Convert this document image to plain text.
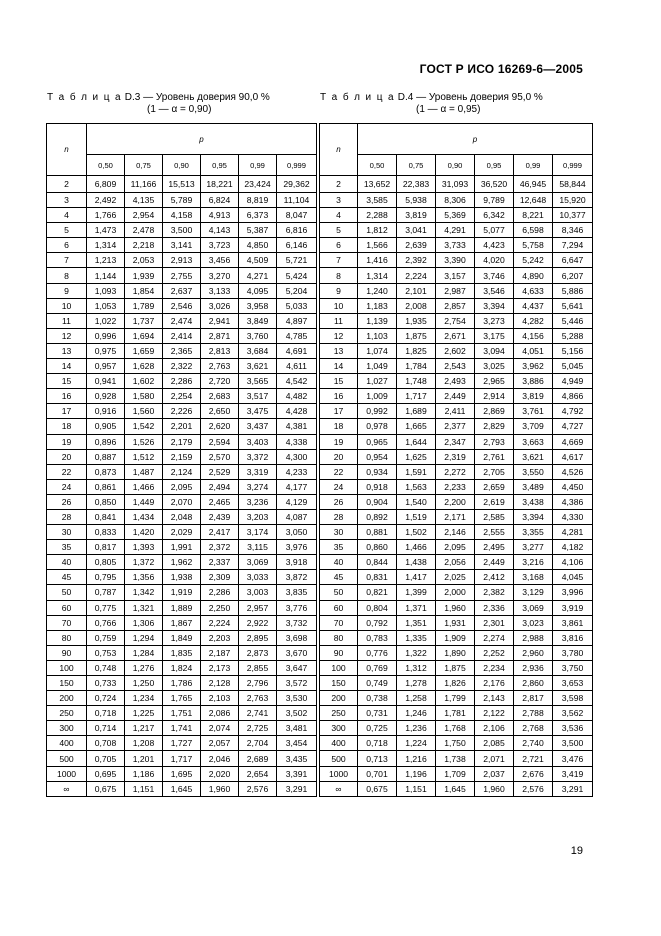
ГОСТ Р ИСО 16269-6—2005
Т а б л и ц а D.3 — Уровень доверия 90,0 %
(1 — α = 0,90)
Т а б л и ц а D.4 — Уровень доверия 95,0 %
(1 — α = 0,95)
n	p					
	0,50	0,75	0,90	0,95	0,99	0,999
2	6,809	11,166	15,513	18,221	23,424	29,362
3	2,492	4,135	5,789	6,824	8,819	11,104
4	1,766	2,954	4,158	4,913	6,373	8,047
5	1,473	2,478	3,500	4,143	5,387	6,816
6	1,314	2,218	3,141	3,723	4,850	6,146
7	1,213	2,053	2,913	3,456	4,509	5,721
8	1,144	1,939	2,755	3,270	4,271	5,424
9	1,093	1,854	2,637	3,133	4,095	5,204
10	1,053	1,789	2,546	3,026	3,958	5,033
11	1,022	1,737	2,474	2,941	3,849	4,897
12	0,996	1,694	2,414	2,871	3,760	4,785
13	0,975	1,659	2,365	2,813	3,684	4,691
14	0,957	1,628	2,322	2,763	3,621	4,611
15	0,941	1,602	2,286	2,720	3,565	4,542
16	0,928	1,580	2,254	2,683	3,517	4,482
17	0,916	1,560	2,226	2,650	3,475	4,428
18	0,905	1,542	2,201	2,620	3,437	4,381
19	0,896	1,526	2,179	2,594	3,403	4,338
20	0,887	1,512	2,159	2,570	3,372	4,300
22	0,873	1,487	2,124	2,529	3,319	4,233
24	0,861	1,466	2,095	2,494	3,274	4,177
26	0,850	1,449	2,070	2,465	3,236	4,129
28	0,841	1,434	2,048	2,439	3,203	4,087
30	0,833	1,420	2,029	2,417	3,174	3,050
35	0,817	1,393	1,991	2,372	3,115	3,976
40	0,805	1,372	1,962	2,337	3,069	3,918
45	0,795	1,356	1,938	2,309	3,033	3,872
50	0,787	1,342	1,919	2,286	3,003	3,835
60	0,775	1,321	1,889	2,250	2,957	3,776
70	0,766	1,306	1,867	2,224	2,922	3,732
80	0,759	1,294	1,849	2,203	2,895	3,698
90	0,753	1,284	1,835	2,187	2,873	3,670
100	0,748	1,276	1,824	2,173	2,855	3,647
150	0,733	1,250	1,786	2,128	2,796	3,572
200	0,724	1,234	1,765	2,103	2,763	3,530
250	0,718	1,225	1,751	2,086	2,741	3,502
300	0,714	1,217	1,741	2,074	2,725	3,481
400	0,708	1,208	1,727	2,057	2,704	3,454
500	0,705	1,201	1,717	2,046	2,689	3,435
1000	0,695	1,186	1,695	2,020	2,654	3,391
∞	0,675	1,151	1,645	1,960	2,576	3,291
n	p					
	0,50	0,75	0,90	0,95	0,99	0,999
2	13,652	22,383	31,093	36,520	46,945	58,844
3	3,585	5,938	8,306	9,789	12,648	15,920
4	2,288	3,819	5,369	6,342	8,221	10,377
5	1,812	3,041	4,291	5,077	6,598	8,346
6	1,566	2,639	3,733	4,423	5,758	7,294
7	1,416	2,392	3,390	4,020	5,242	6,647
8	1,314	2,224	3,157	3,746	4,890	6,207
9	1,240	2,101	2,987	3,546	4,633	5,886
10	1,183	2,008	2,857	3,394	4,437	5,641
11	1,139	1,935	2,754	3,273	4,282	5,446
12	1,103	1,875	2,671	3,175	4,156	5,288
13	1,074	1,825	2,602	3,094	4,051	5,156
14	1,049	1,784	2,543	3,025	3,962	5,045
15	1,027	1,748	2,493	2,965	3,886	4,949
16	1,009	1,717	2,449	2,914	3,819	4,866
17	0,992	1,689	2,411	2,869	3,761	4,792
18	0,978	1,665	2,377	2,829	3,709	4,727
19	0,965	1,644	2,347	2,793	3,663	4,669
20	0,954	1,625	2,319	2,761	3,621	4,617
22	0,934	1,591	2,272	2,705	3,550	4,526
24	0,918	1,563	2,233	2,659	3,489	4,450
26	0,904	1,540	2,200	2,619	3,438	4,386
28	0,892	1,519	2,171	2,585	3,394	4,330
30	0,881	1,502	2,146	2,555	3,355	4,281
35	0,860	1,466	2,095	2,495	3,277	4,182
40	0,844	1,438	2,056	2,449	3,216	4,106
45	0,831	1,417	2,025	2,412	3,168	4,045
50	0,821	1,399	2,000	2,382	3,129	3,996
60	0,804	1,371	1,960	2,336	3,069	3,919
70	0,792	1,351	1,931	2,301	3,023	3,861
80	0,783	1,335	1,909	2,274	2,988	3,816
90	0,776	1,322	1,890	2,252	2,960	3,780
100	0,769	1,312	1,875	2,234	2,936	3,750
150	0,749	1,278	1,826	2,176	2,860	3,653
200	0,738	1,258	1,799	2,143	2,817	3,598
250	0,731	1,246	1,781	2,122	2,788	3,562
300	0,725	1,236	1,768	2,106	2,768	3,536
400	0,718	1,224	1,750	2,085	2,740	3,500
500	0,713	1,216	1,738	2,071	2,721	3,476
1000	0,701	1,196	1,709	2,037	2,676	3,419
∞	0,675	1,151	1,645	1,960	2,576	3,291
19
